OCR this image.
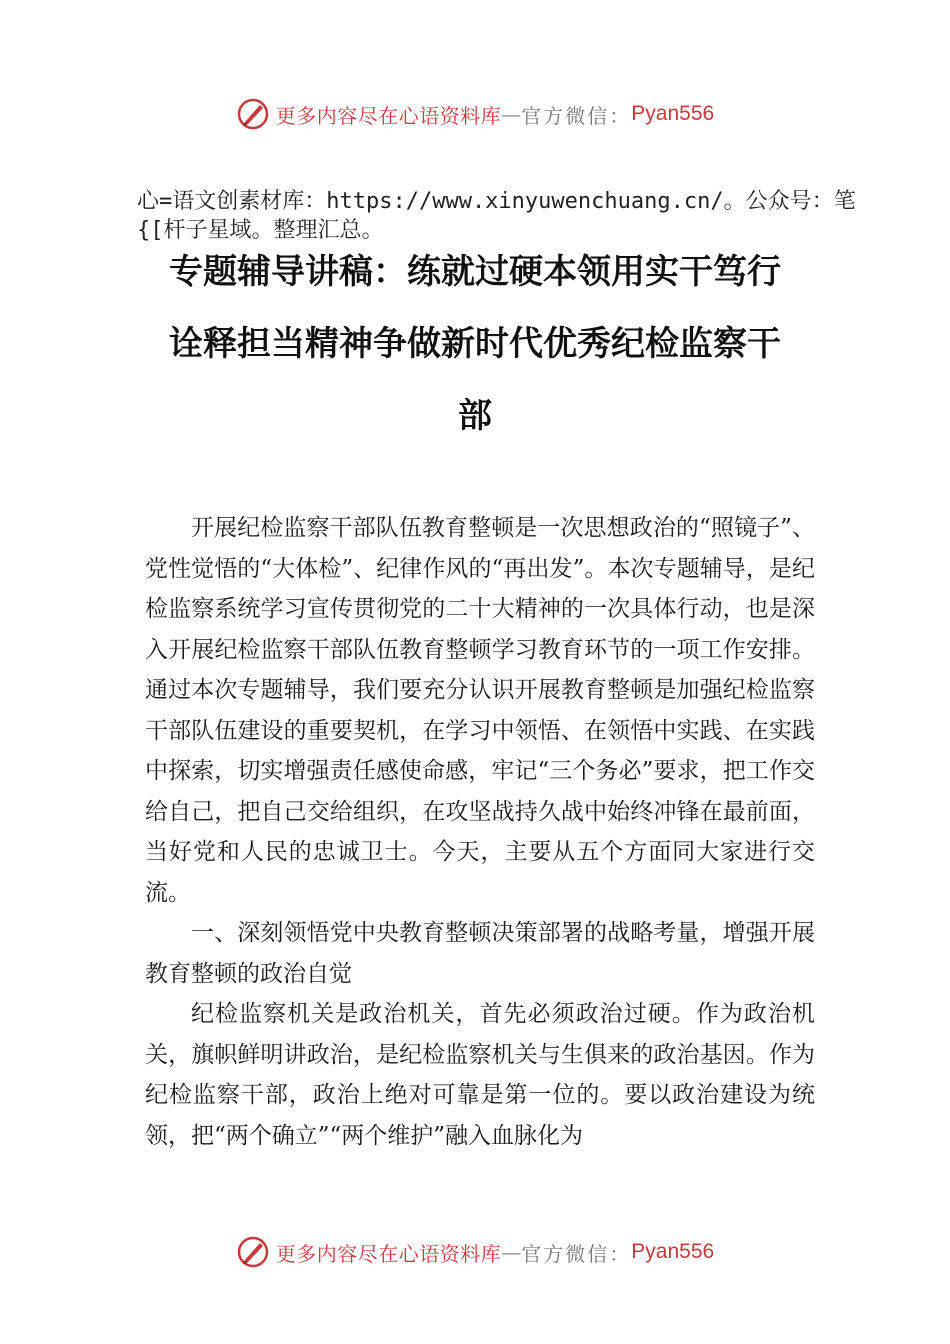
更多内容尽在心语资料库 — 官方微信： Pyan556
心=语文创素材库：https://www.xinyuwenchuang.cn/。公众号：笔{[杆子星域。整理汇总。
专题辅导讲稿：练就过硬本领用实干笃行
诠释担当精神争做新时代优秀纪检监察干
部

开展纪检监察干部队伍教育整顿是一次思想政治的“照镜子”、党性觉悟的“大体检”、纪律作风的“再出发”。本次专题辅导，是纪检监察系统学习宣传贯彻党的二十大精神的一次具体行动，也是深入开展纪检监察干部队伍教育整顿学习教育环节的一项工作安排。通过本次专题辅导，我们要充分认识开展教育整顿是加强纪检监察干部队伍建设的重要契机，在学习中领悟、在领悟中实践、在实践中探索，切实增强责任感使命感，牢记“三个务必”要求，把工作交给自己，把自己交给组织，在攻坚战持久战中始终冲锋在最前面，当好党和人民的忠诚卫士。今天，主要从五个方面同大家进行交流。

一、深刻领悟党中央教育整顿决策部署的战略考量，增强开展教育整顿的政治自觉

纪检监察机关是政治机关，首先必须政治过硬。作为政治机关，旗帜鲜明讲政治，是纪检监察机关与生俱来的政治基因。作为纪检监察干部，政治上绝对可靠是第一位的。要以政治建设为统领，把“两个确立”“两个维护”融入血脉化为

更多内容尽在心语资料库 — 官方微信： Pyan556
